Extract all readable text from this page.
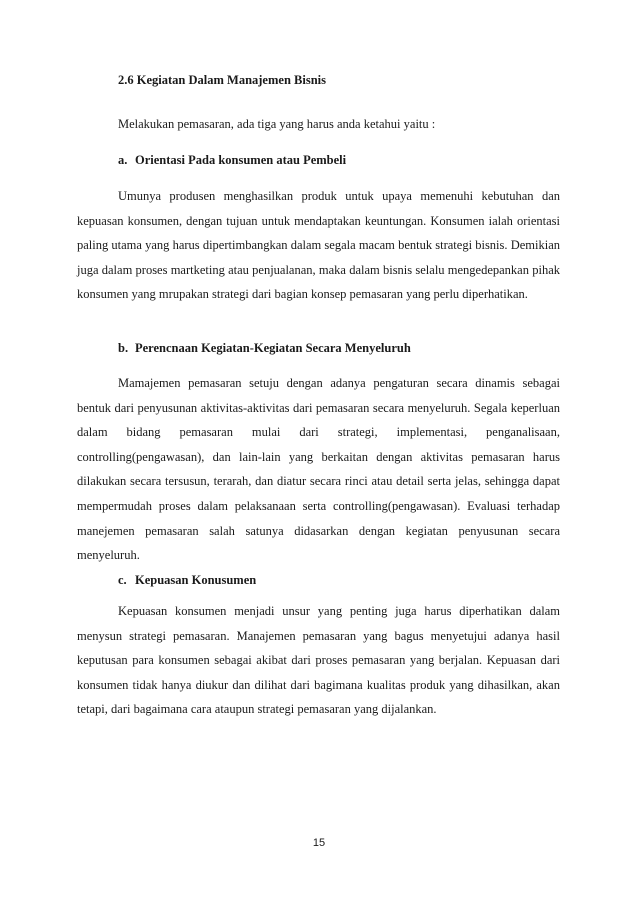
2.6 Kegiatan Dalam Manajemen Bisnis
Melakukan pemasaran, ada tiga yang harus anda ketahui yaitu :
a. Orientasi Pada konsumen atau Pembeli

Umunya produsen menghasilkan produk untuk upaya memenuhi kebutuhan dan kepuasan konsumen, dengan tujuan untuk mendaptakan keuntungan. Konsumen ialah orientasi paling utama yang harus dipertimbangkan dalam segala macam bentuk strategi bisnis. Demikian juga dalam proses martketing atau penjualanan, maka dalam bisnis selalu mengedepankan pihak konsumen yang mrupakan strategi dari bagian konsep pemasaran yang perlu diperhatikan.

b. Perencnaan Kegiatan-Kegiatan Secara Menyeluruh

Mamajemen pemasaran setuju dengan adanya pengaturan secara dinamis sebagai bentuk dari penyusunan aktivitas-aktivitas dari pemasaran secara menyeluruh. Segala keperluan dalam bidang pemasaran mulai dari strategi, implementasi, penganalisaan, controlling(pengawasan), dan lain-lain yang berkaitan dengan aktivitas pemasaran harus dilakukan secara tersusun, terarah, dan diatur secara rinci atau detail serta jelas, sehingga dapat mempermudah proses dalam pelaksanaan serta controlling(pengawasan). Evaluasi terhadap manejemen pemasaran salah satunya didasarkan dengan kegiatan penyusunan secara menyeluruh.

c. Kepuasan Konusumen

Kepuasan konsumen menjadi unsur yang penting juga harus diperhatikan dalam menysun strategi pemasaran. Manajemen pemasaran yang bagus menyetujui adanya hasil keputusan para konsumen sebagai akibat dari proses pemasaran yang berjalan. Kepuasan dari konsumen tidak hanya diukur dan dilihat dari bagimana kualitas produk yang dihasilkan, akan tetapi, dari bagaimana cara ataupun strategi pemasaran yang dijalankan.

15
